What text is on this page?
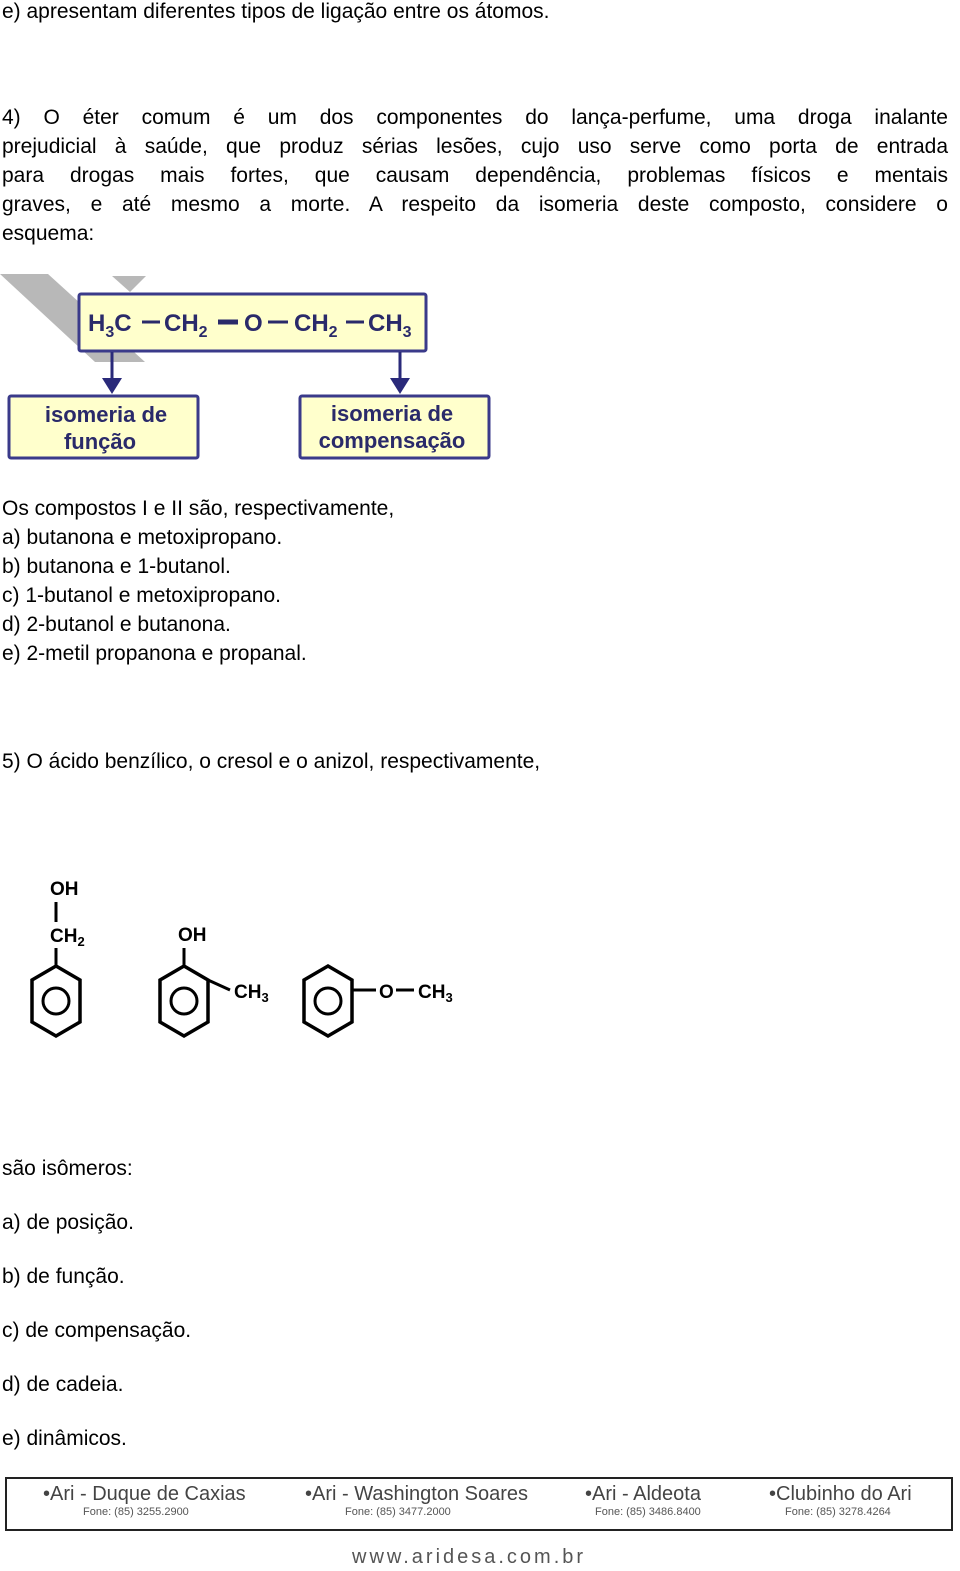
e) apresentam diferentes tipos de ligação entre os átomos.
4) O éter comum é um dos componentes do lança-perfume, uma droga inalante
prejudicial à saúde, que produz sérias lesões, cujo uso serve como porta de entrada
para drogas mais fortes, que causam dependência, problemas físicos e mentais
graves, e até mesmo a morte. A respeito da isomeria deste composto, considere o
esquema:
$H_3C$ $CH_2$ O $CH_2$ $CH_3$
isomeria de
função
isomeria de
compensação
Os compostos I e II são, respectivamente,
a) butanona e metoxipropano.
b) butanona e 1-butanol.
c) 1-butanol e metoxipropano.
d) 2-butanol e butanona.
e) 2-metil propanona e propanal.
5) O ácido benzílico, o cresol e o anizol, respectivamente,
OH
$CH_2$	OH
$CH_3$	O $CH_3$
são isômeros:
a) de posição.
b) de função.
c) de compensação.
d) de cadeia.
e) dinâmicos.
•Ari - Duque de Caxias
Fone: (85) 3255.2900
•Ari - Washington Soares
Fone: (85) 3477.2000
•Ari - Aldeota
Fone: (85) 3486.8400
•Clubinho do Ari
Fone: (85) 3278.4264
www.aridesa.com.br
